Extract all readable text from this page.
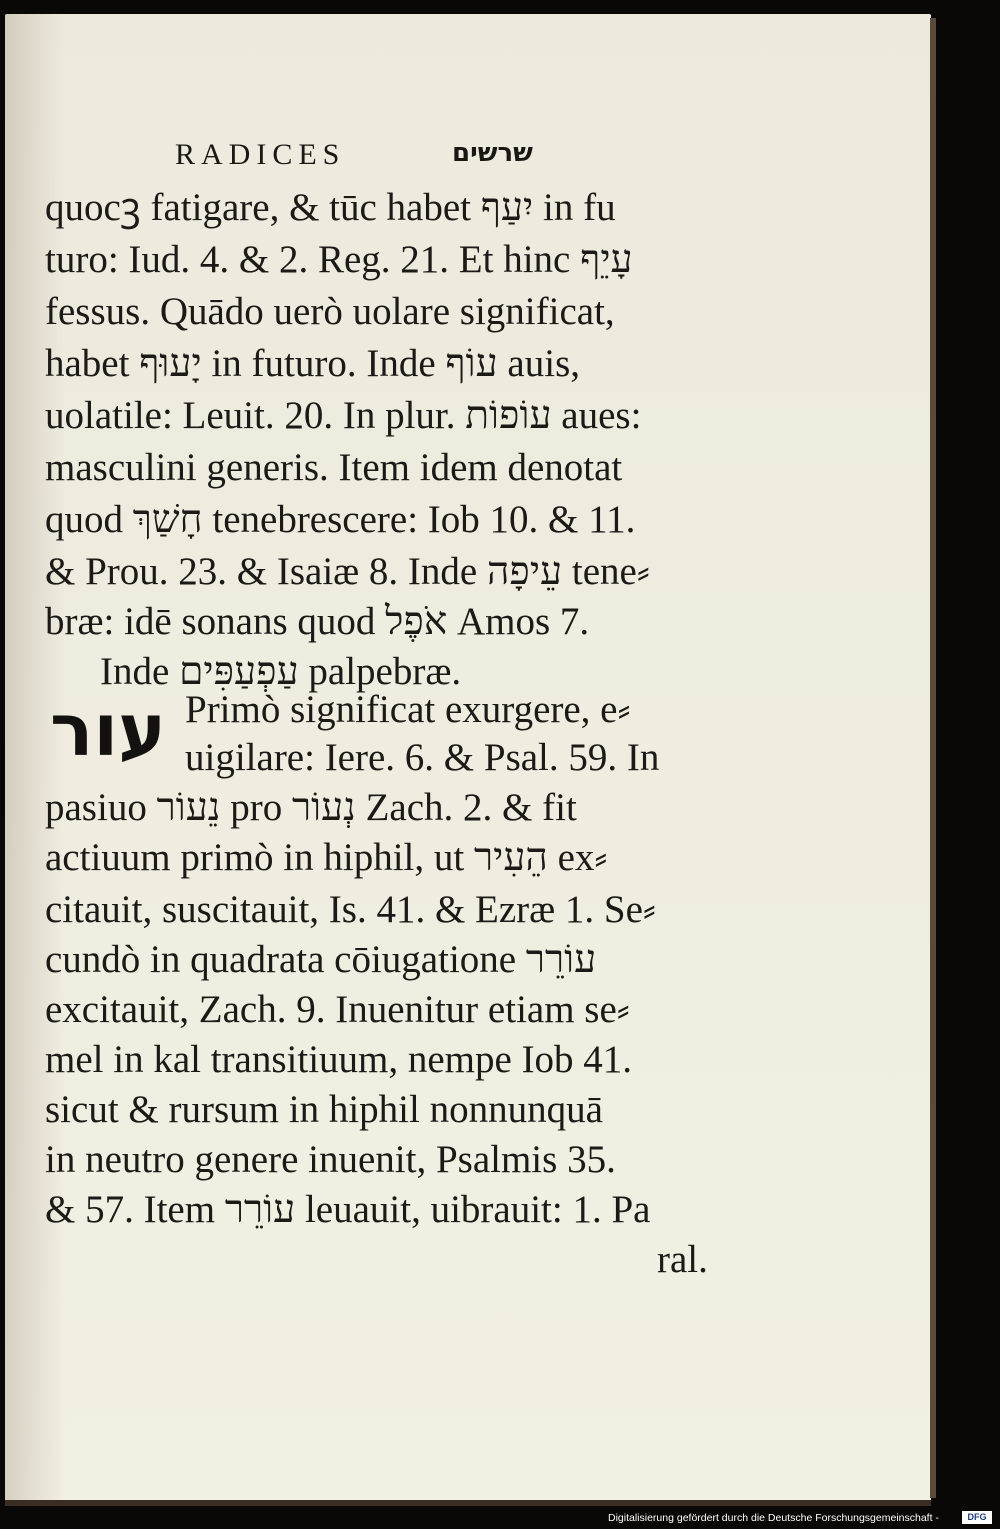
RADICES	שרשים
quocꝫ fatigare, & tūc habet יִעַף in fu
turo: Iud. 4. & 2. Reg. 21. Et hinc עָיֵף
fessus. Quādo uerò uolare significat,
habet יָעוּף in futuro. Inde עוֹף auis,
uolatile: Leuit. 20. In plur. עוֹפוֹת aues:
masculini generis. Item idem denotat
quod חָשַׁךְ tenebrescere: Iob 10. & 11.
& Prou. 23. & Isaiæ 8. Inde עֵיפָה tene⸗
bræ: idē sonans quod אֹפֶל Amos 7.
Inde עַפְעַפִּים palpebræ.
Primò significat exurgere, e⸗
uigilare: Iere. 6. & Psal. 59. In
pasiuo נֵעוֹר pro נְעוֹר Zach. 2. & fit
actiuum primò in hiphil, ut הֵעִיר ex⸗
citauit, suscitauit, Is. 41. & Ezræ 1. Se⸗
cundò in quadrata cōiugatione עוֹרֵר
excitauit, Zach. 9. Inuenitur etiam se⸗
mel in kal transitiuum, nempe Iob 41.
sicut & rursum in hiphil nonnunquā
in neutro genere inuenit, Psalmis 35.
& 57. Item עוֹרֵר leuauit, uibrauit: 1. Pa
ral.
עור
Digitalisierung gefördert durch die Deutsche Forschungsgemeinschaft -	DFG
